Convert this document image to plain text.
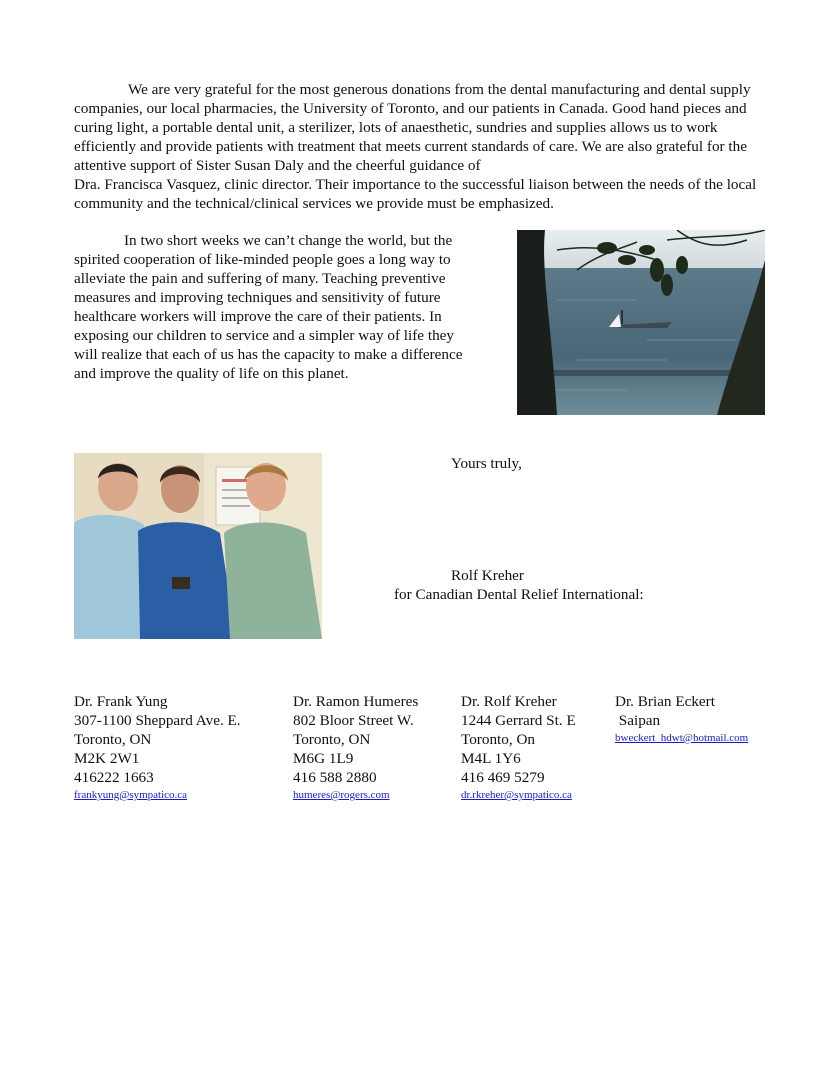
We are very grateful for the most generous donations from the dental manufacturing and dental supply companies, our local pharmacies, the University of Toronto, and our patients in Canada. Good hand pieces and curing light, a portable dental unit, a sterilizer, lots of anaesthetic, sundries and supplies allows us to work efficiently and provide patients with treatment that meets current standards of care. We are also grateful for the attentive support of Sister Susan Daly and the cheerful guidance of
Dra. Francisca Vasquez, clinic director. Their importance to the successful liaison between the needs of the local community and the technical/clinical services we provide must be emphasized.

In two short weeks we can’t change the world, but the
spirited cooperation of like-minded people goes a long way to
alleviate the pain and suffering of many. Teaching preventive
measures and improving techniques and sensitivity of future
healthcare workers will improve the care of their patients. In
exposing our children to service and a simpler way of life they
will realize that each of us has the capacity to make a difference
and improve the quality of life on this planet.
Yours truly,
Rolf Kreher
for Canadian Dental Relief International:
Dr. Frank Yung
307-1100 Sheppard Ave. E.
Toronto, ON
M2K 2W1
416222 1663
frankyung@sympatico.ca
Dr. Ramon Humeres
802 Bloor Street W.
Toronto, ON
M6G 1L9
416 588 2880
humeres@rogers.com
Dr. Rolf Kreher
1244 Gerrard St. E
Toronto, On
M4L 1Y6
416 469 5279
dr.rkreher@sympatico.ca
Dr. Brian Eckert
Saipan
bweckert_hdwt@hotmail.com
